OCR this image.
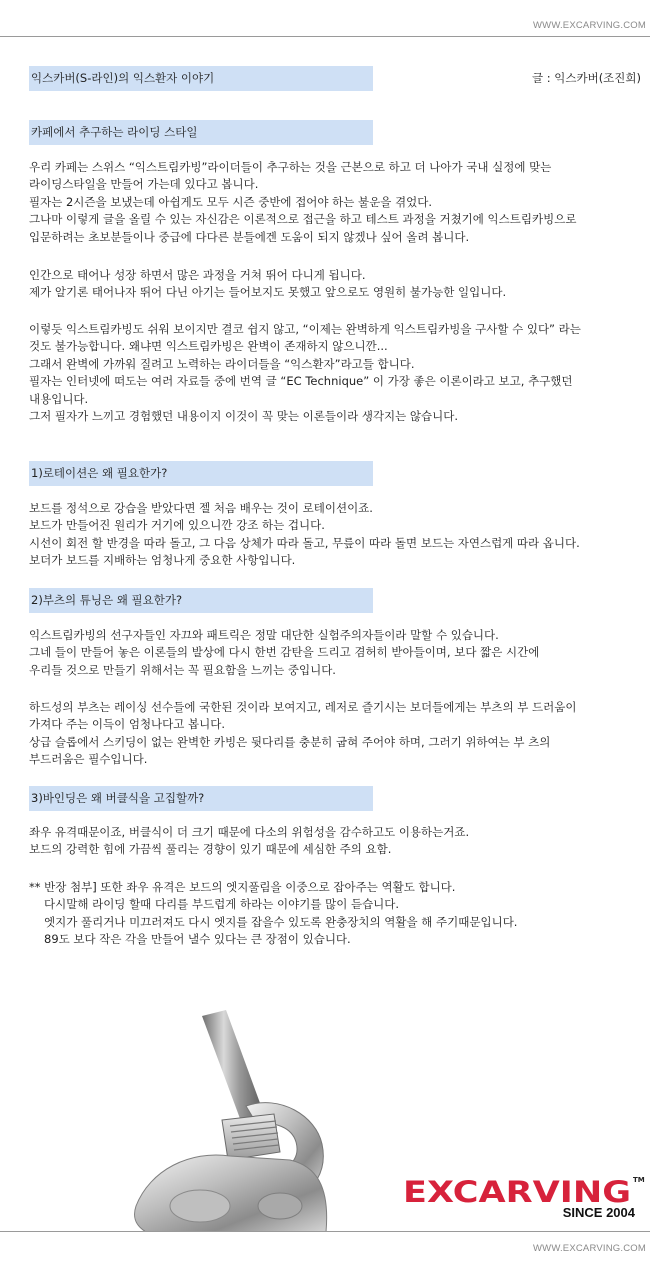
WWW.EXCARVING.COM
익스카버(S-라인)의 익스환자 이야기	글 : 익스카버(조진희)
카페에서 추구하는 라이딩 스타일
우리 카페는 스위스 “익스트림카빙”라이더들이 추구하는 것을 근본으로 하고 더 나아가 국내 실정에 맞는
라이딩스타일을 만들어 가는데 있다고 봅니다.
필자는 2시즌을 보냈는데 아쉽게도 모두 시즌 중반에 접어야 하는 불운을 겪었다.
그나마 이렇게 글을 올릴 수 있는 자신감은 이론적으로 접근을 하고 테스트 과정을 거쳤기에 익스트림카빙으로
입문하려는 초보분들이나 중급에 다다른 분들에겐 도움이 되지 않겠나 싶어 올려 봅니다.
인간으로 태어나 성장 하면서 많은 과정을 거쳐 뛰어 다니게 됩니다.
제가 알기론 태어나자 뛰어 다닌 아기는 들어보지도 못했고 앞으로도 영원히 불가능한 일입니다.
이렇듯 익스트림카빙도 쉬워 보이지만 결코 쉽지 않고, “이제는 완벽하게 익스트림카빙을 구사할 수 있다” 라는
것도 불가능합니다. 왜냐면 익스트림카빙은 완벽이 존재하지 않으니깐...
그래서 완벽에 가까워 질려고 노력하는 라이더들을 “익스환자”라고들 합니다.
필자는 인터넷에 떠도는 여러 자료들 중에 번역 글 “EC Technique” 이 가장 좋은 이론이라고 보고, 추구했던
내용입니다.
그저 필자가 느끼고 경험했던 내용이지 이것이 꼭 맞는 이론들이라 생각지는 않습니다.
1)로테이션은 왜 필요한가?
보드를 정석으로 강습을 받았다면 젤 처음 배우는 것이 로테이션이죠.
보드가 만들어진 원리가 거기에 있으니깐 강조 하는 겁니다.
시선이 회전 할 반경을 따라 돌고, 그 다음 상체가 따라 돌고, 무릎이 따라 돌면 보드는 자연스럽게 따라 옵니다.
보더가 보드를 지배하는 엄청나게 중요한 사항입니다.
2)부츠의 튜닝은 왜 필요한가?
익스트림카빙의 선구자들인 자끄와 패트릭은 정말 대단한 실험주의자들이라 말할 수 있습니다.
그네 들이 만들어 놓은 이론들의 발상에 다시 한번 감탄을 드리고 겸허히 받아들이며, 보다 짧은 시간에
우리들 것으로 만들기 위해서는 꼭 필요함을 느끼는 중입니다.
하드성의 부츠는 레이싱 선수들에 국한된 것이라 보여지고, 레저로 즐기시는 보더들에게는 부츠의 부 드러움이
가져다 주는 이득이 엄청나다고 봅니다.
상급 슬롭에서 스키딩이 없는 완벽한 카빙은 뒷다리를 충분히 굽혀 주어야 하며, 그러기 위하여는 부 츠의
부드러움은 필수입니다.
3)바인딩은 왜 버클식을 고집할까?
좌우 유격때문이죠, 버클식이 더 크기 때문에 다소의 위험성을 감수하고도 이용하는거죠.
보드의 강력한 힘에 가끔씩 풀리는 경향이 있기 때문에 세심한 주의 요함.
** 반장 첨부] 또한 좌우 유격은 보드의 엣지풀림을 이중으로 잡아주는 역활도 합니다.
다시말해 라이딩 할때 다리를 부드럽게 하라는 이야기를 많이 듣습니다.
엣지가 풀리거나 미끄러져도 다시 엣지를 잡을수 있도록 완충장치의 역활을 해 주기때문입니다.
89도 보다 작은 각을 만들어 낼수 있다는 큰 장점이 있습니다.
EXCARVING TM
SINCE 2004
WWW.EXCARVING.COM
